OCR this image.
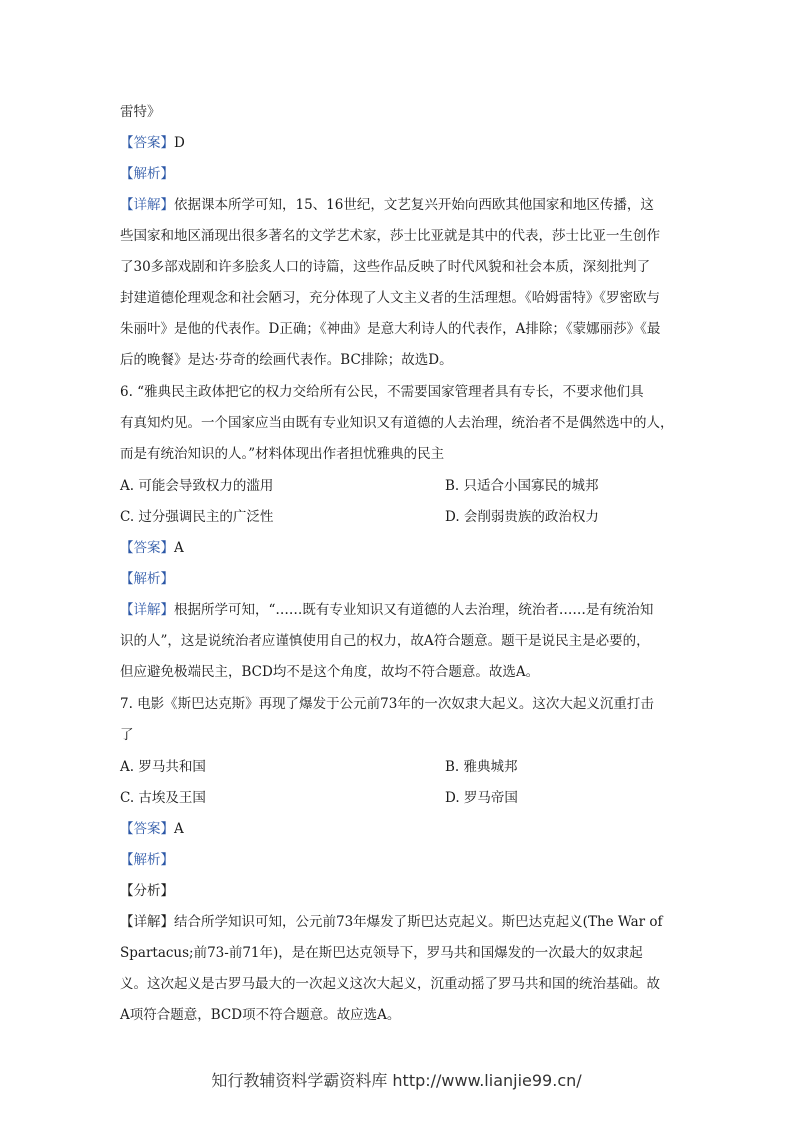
雷特》
【答案】D
【解析】
【详解】依据课本所学可知，15、16世纪，文艺复兴开始向西欧其他国家和地区传播，这
些国家和地区涌现出很多著名的文学艺术家，莎士比亚就是其中的代表，莎士比亚一生创作
了30多部戏剧和许多脍炙人口的诗篇，这些作品反映了时代风貌和社会本质，深刻批判了
封建道德伦理观念和社会陋习，充分体现了人文主义者的生活理想。《哈姆雷特》《罗密欧与
朱丽叶》是他的代表作。D正确；《神曲》是意大利诗人的代表作，A排除；《蒙娜丽莎》《最
后的晚餐》是达·芬奇的绘画代表作。BC排除；故选D。
6. “雅典民主政体把它的权力交给所有公民，不需要国家管理者具有专长，不要求他们具
有真知灼见。一个国家应当由既有专业知识又有道德的人去治理，统治者不是偶然选中的人，
而是有统治知识的人。”材料体现出作者担忧雅典的民主
A. 可能会导致权力的滥用	B. 只适合小国寡民的城邦
C. 过分强调民主的广泛性	D. 会削弱贵族的政治权力
【答案】A
【解析】
【详解】根据所学可知，“……既有专业知识又有道德的人去治理，统治者……是有统治知
识的人”，这是说统治者应谨慎使用自己的权力，故A符合题意。题干是说民主是必要的，
但应避免极端民主，BCD均不是这个角度，故均不符合题意。故选A。
7. 电影《斯巴达克斯》再现了爆发于公元前73年的一次奴隶大起义。这次大起义沉重打击
了
A. 罗马共和国	B. 雅典城邦
C. 古埃及王国	D. 罗马帝国
【答案】A
【解析】
【分析】
【详解】结合所学知识可知，公元前73年爆发了斯巴达克起义。斯巴达克起义(The War of
Spartacus;前73-前71年)，是在斯巴达克领导下，罗马共和国爆发的一次最大的奴隶起
义。这次起义是古罗马最大的一次起义这次大起义，沉重动摇了罗马共和国的统治基础。故
A项符合题意，BCD项不符合题意。故应选A。
知行教辅资料学霸资料库 http://www.lianjie99.cn/
